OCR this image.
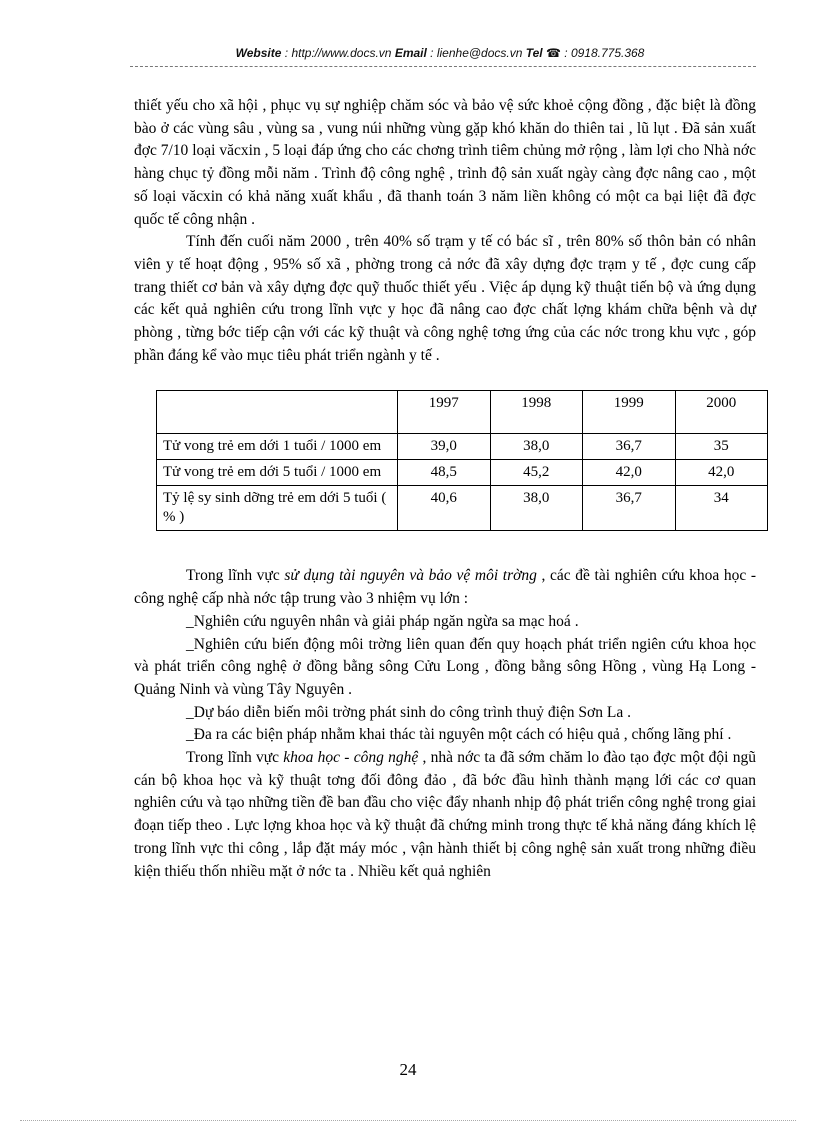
Website : http://www.docs.vn Email : lienhe@docs.vn Tel ☎ : 0918.775.368

thiết yếu cho xã hội , phục vụ sự nghiệp chăm sóc và bảo vệ sức khoẻ cộng đồng , đặc biệt là đồng bào ở các vùng sâu , vùng sa , vung núi những vùng gặp khó khăn do thiên tai , lũ lụt . Đã sản xuất đợc 7/10 loại văcxin , 5 loại đáp ứng cho các chơng trình tiêm chủng mở rộng , làm lợi cho Nhà nớc hàng chục tỷ đồng mỗi năm . Trình độ công nghệ , trình độ sản xuất ngày càng đợc nâng cao , một số loại văcxin có khả năng xuất khẩu , đã thanh toán 3 năm liền không có một ca bại liệt đã đợc quốc tế công nhận .

Tính đến cuối năm 2000 , trên 40% số trạm y tế có bác sĩ , trên 80% số thôn bản có nhân viên y tế hoạt động , 95% số xã , phờng trong cả nớc đã xây dựng đợc trạm y tế , đợc cung cấp trang thiết cơ bản và xây dựng đợc quỹ thuốc thiết yếu . Việc áp dụng kỹ thuật tiến bộ và ứng dụng các kết quả nghiên cứu trong lĩnh vực y học đã nâng cao đợc chất lợng khám chữa bệnh và dự phòng , từng bớc tiếp cận với các kỹ thuật và công nghệ tơng ứng của các nớc trong khu vực , góp phần đáng kể vào mục tiêu phát triển ngành y tế .

	1997	1998	1999	2000
Tử vong trẻ em dới 1 tuổi / 1000 em	39,0	38,0	36,7	35
Tử vong trẻ em dới 5 tuổi / 1000 em	48,5	45,2	42,0	42,0
Tỷ lệ sy sinh dỡng trẻ em dới 5 tuổi ( % )	40,6	38,0	36,7	34

Trong lĩnh vực sử dụng tài nguyên và bảo vệ môi trờng , các đề tài nghiên cứu khoa học - công nghệ cấp nhà nớc tập trung vào 3 nhiệm vụ lớn :

_Nghiên cứu nguyên nhân và giải pháp ngăn ngừa sa mạc hoá .

_Nghiên cứu biến động môi trờng liên quan đến quy hoạch phát triển ngiên cứu khoa học và phát triển công nghệ ở đồng bằng sông Cửu Long , đồng bằng sông Hồng , vùng Hạ Long - Quảng Ninh và vùng Tây Nguyên .

_Dự báo diễn biến môi trờng phát sinh do công trình thuỷ điện Sơn La .

_Đa ra các biện pháp nhằm khai thác tài nguyên một cách có hiệu quả , chống lãng phí .

Trong lĩnh vực khoa học - công nghệ , nhà nớc ta đã sớm chăm lo đào tạo đợc một đội ngũ cán bộ khoa học và kỹ thuật tơng đối đông đảo , đã bớc đầu hình thành mạng lới các cơ quan nghiên cứu và tạo những tiền đề ban đầu cho việc đẩy nhanh nhịp độ phát triển công nghệ trong giai đoạn tiếp theo . Lực lợng khoa học và kỹ thuật đã chứng minh trong thực tế khả năng đáng khích lệ trong lĩnh vực thi công , lắp đặt máy móc , vận hành thiết bị công nghệ sản xuất trong những điều kiện thiếu thốn nhiều mặt ở nớc ta . Nhiều kết quả nghiên

24
